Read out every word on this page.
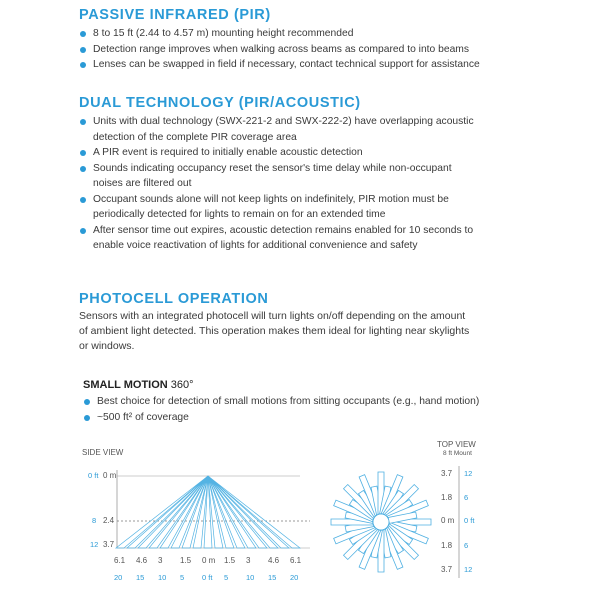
PASSIVE INFRARED (PIR)
8 to 15 ft (2.44 to 4.57 m) mounting height recommended
Detection range improves when walking across beams as compared to into beams
Lenses can be swapped in field if necessary, contact technical support for assistance
DUAL TECHNOLOGY (PIR/ACOUSTIC)
Units with dual technology (SWX-221-2 and SWX-222-2) have overlapping acoustic
detection of the complete PIR coverage area
A PIR event is required to initially enable acoustic detection
Sounds indicating occupancy reset the sensor's time delay while non-occupant
noises are filtered out
Occupant sounds alone will not keep lights on indefinitely, PIR motion must be
periodically detected for lights to remain on for an extended time
After sensor time out expires, acoustic detection remains enabled for 10 seconds to
enable voice reactivation of lights for additional convenience and safety
PHOTOCELL OPERATION
Sensors with an integrated photocell will turn lights on/off depending on the amount
of ambient light detected. This operation makes them ideal for lighting near skylights
or windows.
SMALL MOTION 360°
Best choice for detection of small motions from sitting occupants (e.g., hand motion)
~500 ft² of coverage
SIDE VIEW
0 ft 0 m
8 2.4
12 3.7
6.1 4.6 3 1.5 0 m 1.5 3 4.6 6.1
20 15 10 5 0 ft 5 10 15 20
TOP VIEW
8 ft Mount
3.7
1.8
0 m
1.8
3.7
12
6
0 ft
6
12
